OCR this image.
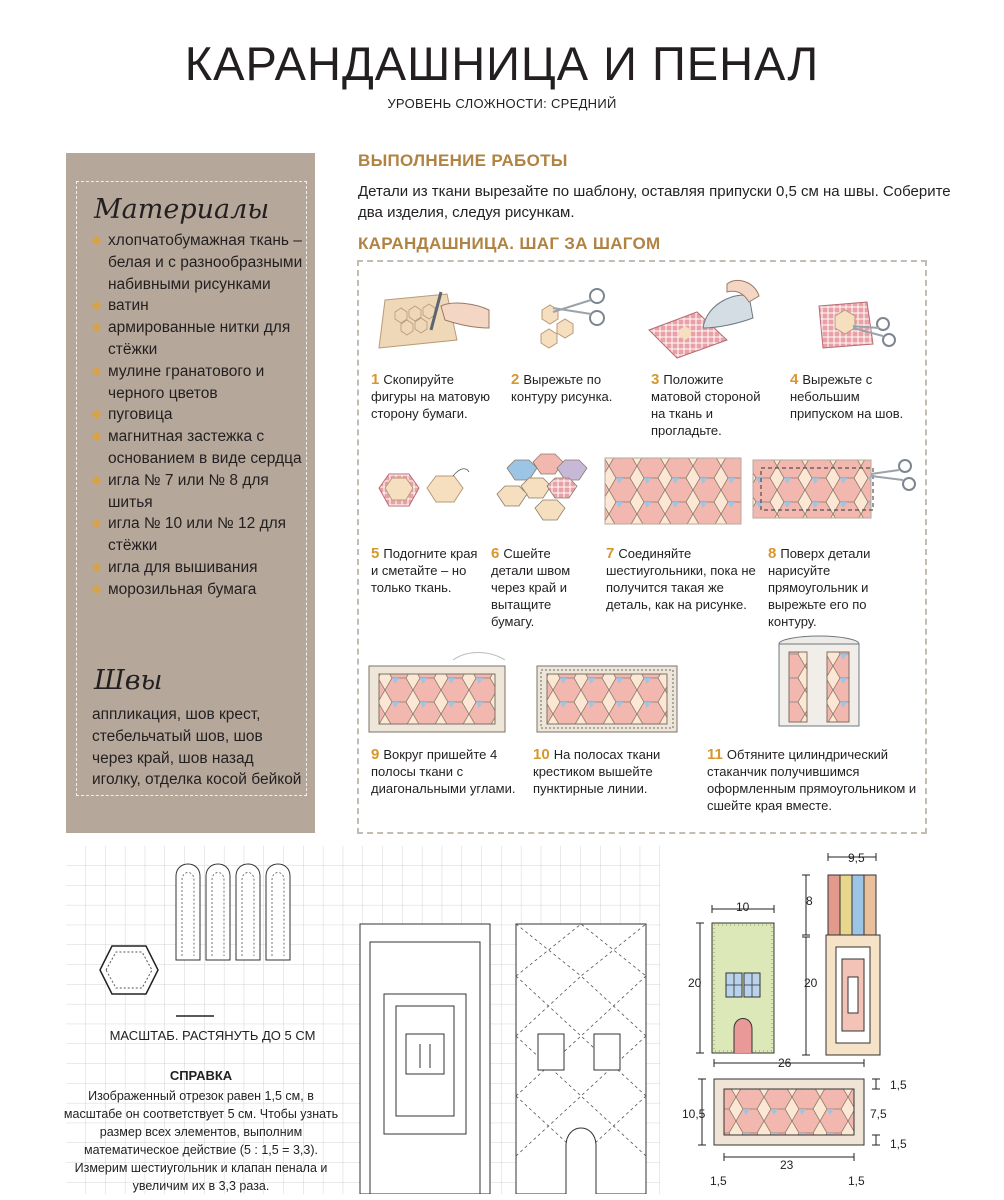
КАРАНДАШНИЦА И ПЕНАЛ
УРОВЕНЬ СЛОЖНОСТИ: СРЕДНИЙ
Материалы
хлопчатобумажная ткань – белая и с разнообразными набивными рисунками
ватин
армированные нитки для стёжки
мулине гранатового и черного цветов
пуговица
магнитная застежка с основанием в виде сердца
игла № 7 или № 8 для шитья
игла № 10 или № 12 для стёжки
игла для вышивания
морозильная бумага
Швы
аппликация, шов крест, стебельчатый шов, шов через край, шов назад иголку, отделка косой бейкой
ВЫПОЛНЕНИЕ РАБОТЫ
Детали из ткани вырезайте по шаблону, оставляя припуски 0,5 см на швы. Соберите два изделия, следуя рисункам.
КАРАНДАШНИЦА. ШАГ ЗА ШАГОМ
1 Скопируйте фигуры на матовую сторону бумаги.
2 Вырежьте по контуру рисунка.
3 Положите матовой стороной на ткань и прогладьте.
4 Вырежьте с небольшим припуском на шов.
5 Подогните края и сметайте – но только ткань.
6 Сшейте детали швом через край и вытащите бумагу.
7 Соединяйте шестиугольники, пока не получится такая же деталь, как на рисунке.
8 Поверх детали нарисуйте прямоугольник и вырежьте его по контуру.
9 Вокруг пришейте 4 полосы ткани с диагональными углами.
10 На полосах ткани крестиком вышейте пунктирные линии.
11 Обтяните цилиндрический стаканчик получившимся оформленным прямоугольником и сшейте края вместе.
МАСШТАБ. РАСТЯНУТЬ ДО 5 СМ
СПРАВКА
Изображенный отрезок равен 1,5 см, в масштабе он соответствует 5 см. Чтобы узнать размер всех элементов, выполним математическое действие (5 : 1,5 = 3,3). Измерим шестиугольник и клапан пенала и увеличим их в 3,3 раза.
10
20
9,5
8
20
26
10,5
1,5
7,5
1,5
23
1,5	1,5
